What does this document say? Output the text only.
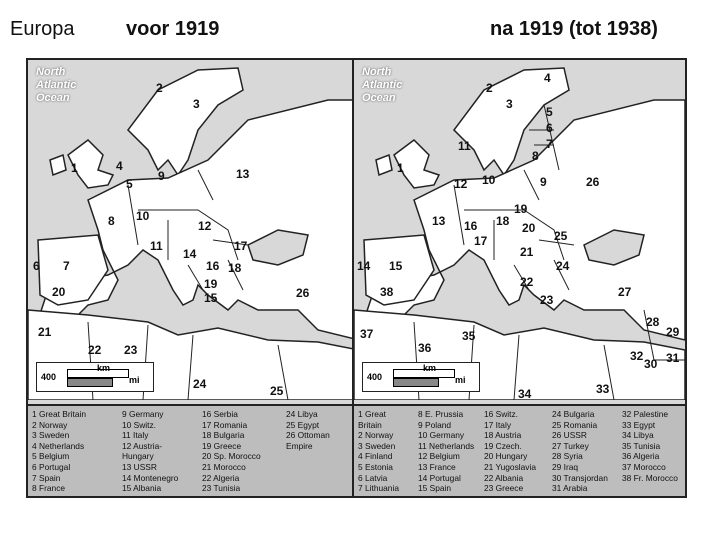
Europa	voor 1919	na 1919 (tot 1938)
1
2
3
4
5
6 7
8
9
10
11
12
13
14
15
16
17
18
19
20
21
22 23
24	25
26
North
Atlantic
Ocean
400
km
mi
1 Great Britain
2 Norway
3 Sweden
4 Netherlands
5 Belgium
6 Portugal
7 Spain
8 France
9 Germany
10 Switz.
11 Italy
12 Austria-
Hungary
13 USSR
14 Montenegro
15 Albania
16 Serbia
17 Romania
18 Bulgaria
19 Greece
20 Sp. Morocco
21 Morocco
22 Algeria
23 Tunisia
24 Libya
25 Egypt
26 Ottoman
Empire
1
2
3
4
5
6
7
8
9
10
11
12
13
14 15
16
17
18
19
20
21
22
23
24
25
26
27
28
29
30 31
32
33
34
35
36
37
38
North
Atlantic
Ocean
400
km
mi
1 Great
Britain
2 Norway
3 Sweden
4 Finland
5 Estonia
6 Latvia
7 Lithuania
8 E. Prussia
9 Poland
10 Germany
11 Netherlands
12 Belgium
13 France
14 Portugal
15 Spain
16 Switz.
17 Italy
18 Austria
19 Czech.
20 Hungary
21 Yugoslavia
22 Albania
23 Greece
24 Bulgaria
25 Romania
26 USSR
27 Turkey
28 Syria
29 Iraq
30 Transjordan
31 Arabia
32 Palestine
33 Egypt
34 Libya
35 Tunisia
36 Algeria
37 Morocco
38 Fr. Morocco
